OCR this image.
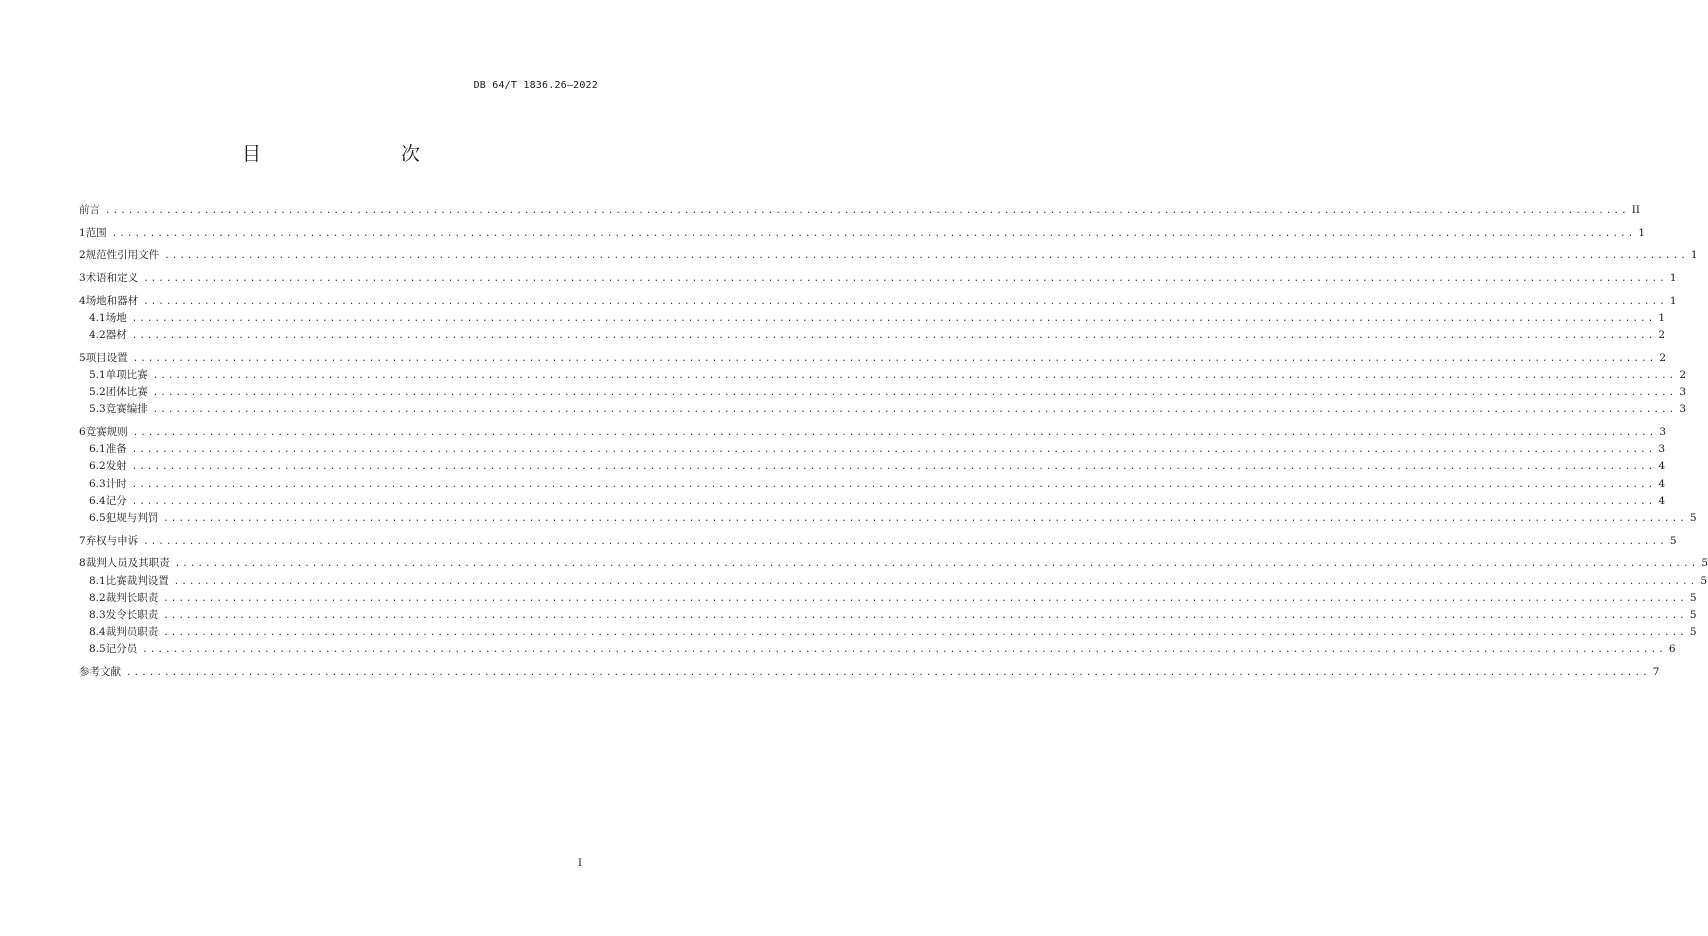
DB 64/T 1836.26—2022
目　　次
前言 ........................................................................................................................................................................................................ II
1 范围 ........................................................................................................................................................................................................ 1
2 规范性引用文件 ........................................................................................................................................................................................................ 1
3 术语和定义 ........................................................................................................................................................................................................ 1
4 场地和器材 ........................................................................................................................................................................................................ 1
4.1 场地 ........................................................................................................................................................................................................ 1
4.2 器材 ........................................................................................................................................................................................................ 2
5 项目设置 ........................................................................................................................................................................................................ 2
5.1 单项比赛 ........................................................................................................................................................................................................ 2
5.2 团体比赛 ........................................................................................................................................................................................................ 3
5.3 竞赛编排 ........................................................................................................................................................................................................ 3
6 竞赛规则 ........................................................................................................................................................................................................ 3
6.1 准备 ........................................................................................................................................................................................................ 3
6.2 发射 ........................................................................................................................................................................................................ 4
6.3 计时 ........................................................................................................................................................................................................ 4
6.4 记分 ........................................................................................................................................................................................................ 4
6.5 犯规与判罚 ........................................................................................................................................................................................................ 5
7 弃权与申诉 ........................................................................................................................................................................................................ 5
8 裁判人员及其职责 ........................................................................................................................................................................................................ 5
8.1 比赛裁判设置 ........................................................................................................................................................................................................ 5
8.2 裁判长职责 ........................................................................................................................................................................................................ 5
8.3 发令长职责 ........................................................................................................................................................................................................ 5
8.4 裁判员职责 ........................................................................................................................................................................................................ 5
8.5 记分员 ........................................................................................................................................................................................................ 6
参考文献 ........................................................................................................................................................................................................ 7
I
